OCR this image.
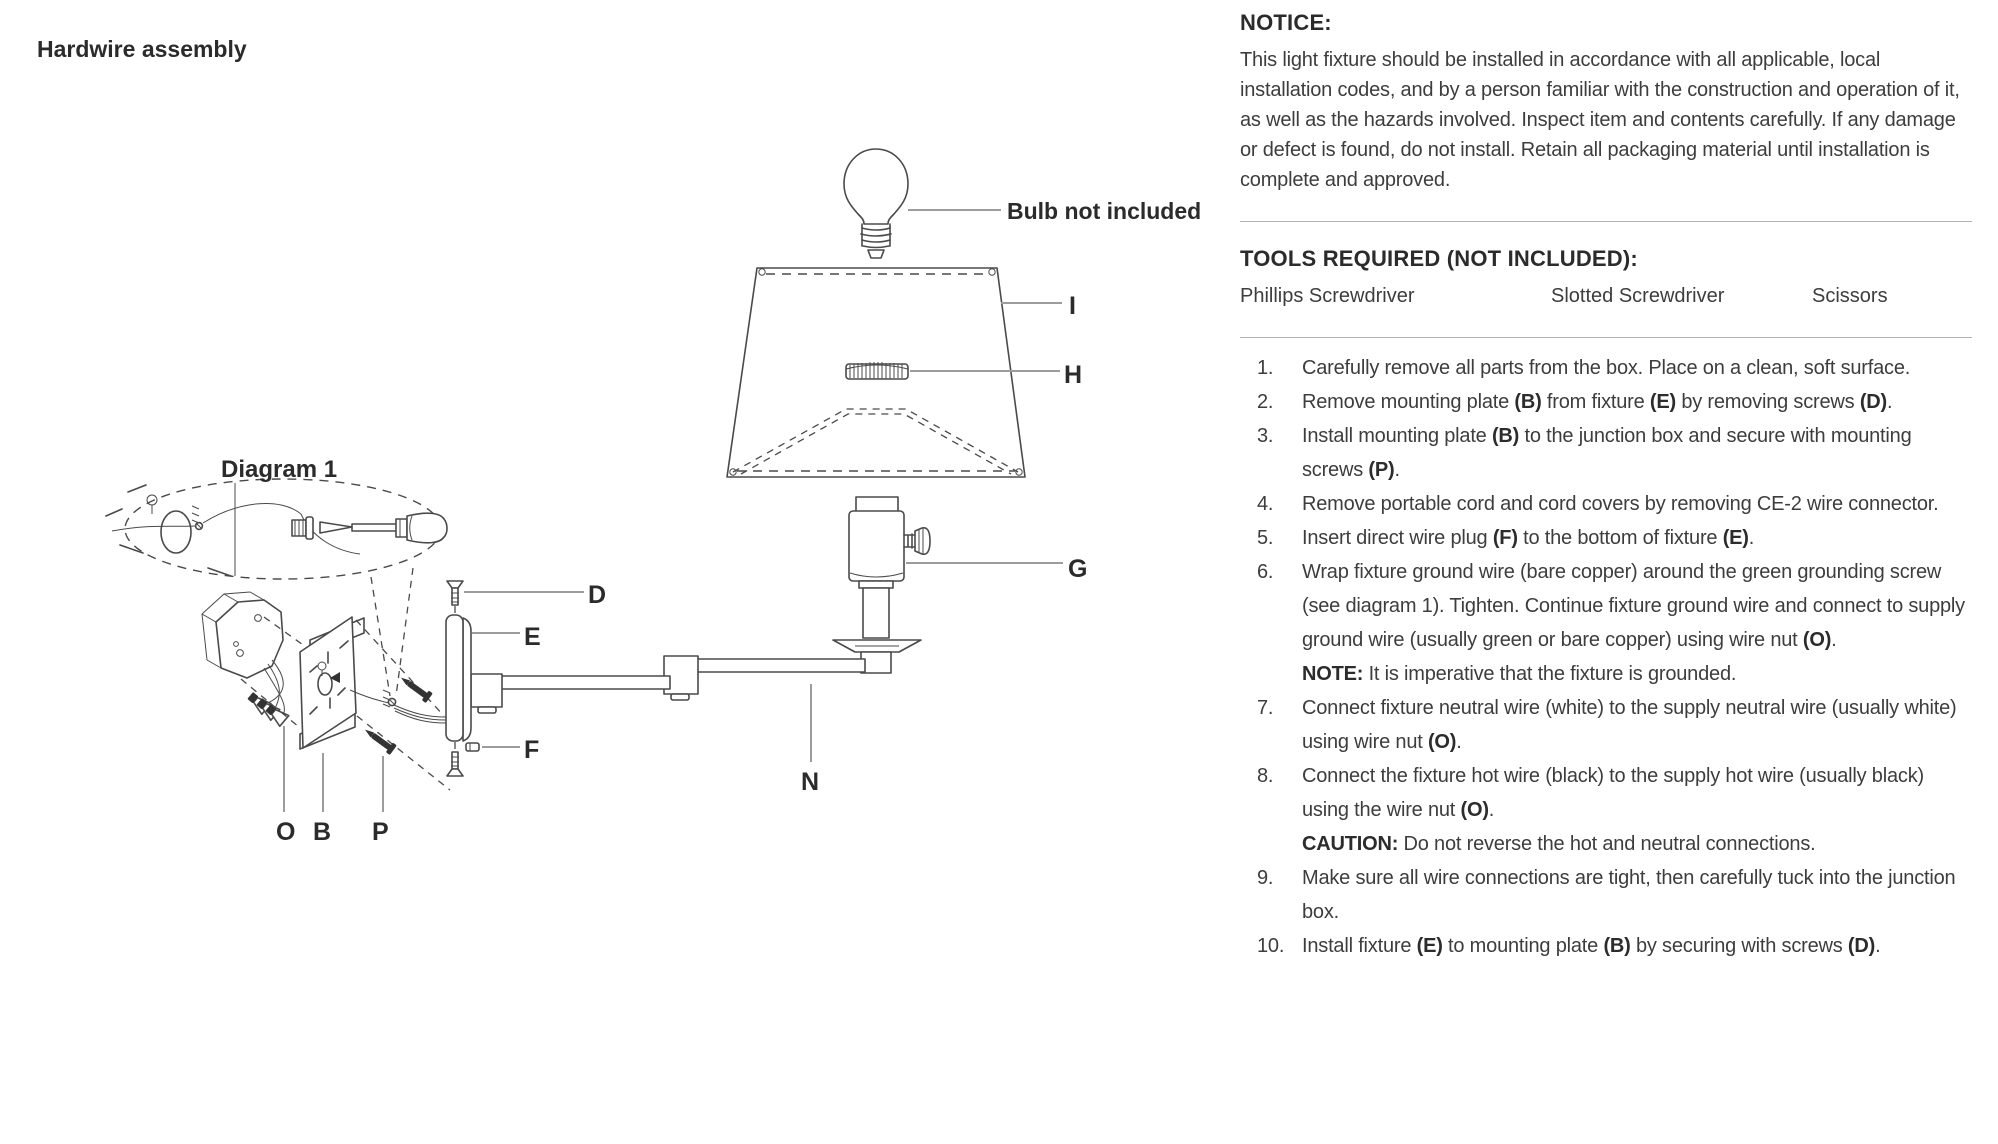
Hardwire assembly
Bulb not included
Diagram 1
D
E
F
G
H
I
N
O B P
NOTICE:

This light fixture should be installed in accordance with all applicable, local installation codes, and by a person familiar with the construction and operation of it, as well as the hazards involved. Inspect item and contents carefully. If any damage or defect is found, do not install. Retain all packaging material until installation is complete and approved.

TOOLS REQUIRED (NOT INCLUDED):
Phillips Screwdriver	Slotted Screwdriver	Scissors
1. Carefully remove all parts from the box. Place on a clean, soft surface.
2. Remove mounting plate (B) from fixture (E) by removing screws (D).
3. Install mounting plate (B) to the junction box and secure with mounting screws (P).
4. Remove portable cord and cord covers by removing CE-2 wire connector.
5. Insert direct wire plug (F) to the bottom of fixture (E).
6. Wrap fixture ground wire (bare copper) around the green grounding screw (see diagram 1). Tighten. Continue fixture ground wire and connect to supply ground wire (usually green or bare copper) using wire nut (O).
NOTE: It is imperative that the fixture is grounded.
7. Connect fixture neutral wire (white) to the supply neutral wire (usually white) using wire nut (O).
8. Connect the fixture hot wire (black) to the supply hot wire (usually black) using the wire nut (O).
CAUTION: Do not reverse the hot and neutral connections.
9. Make sure all wire connections are tight, then carefully tuck into the junction box.
10. Install fixture (E) to mounting plate (B) by securing with screws (D).
